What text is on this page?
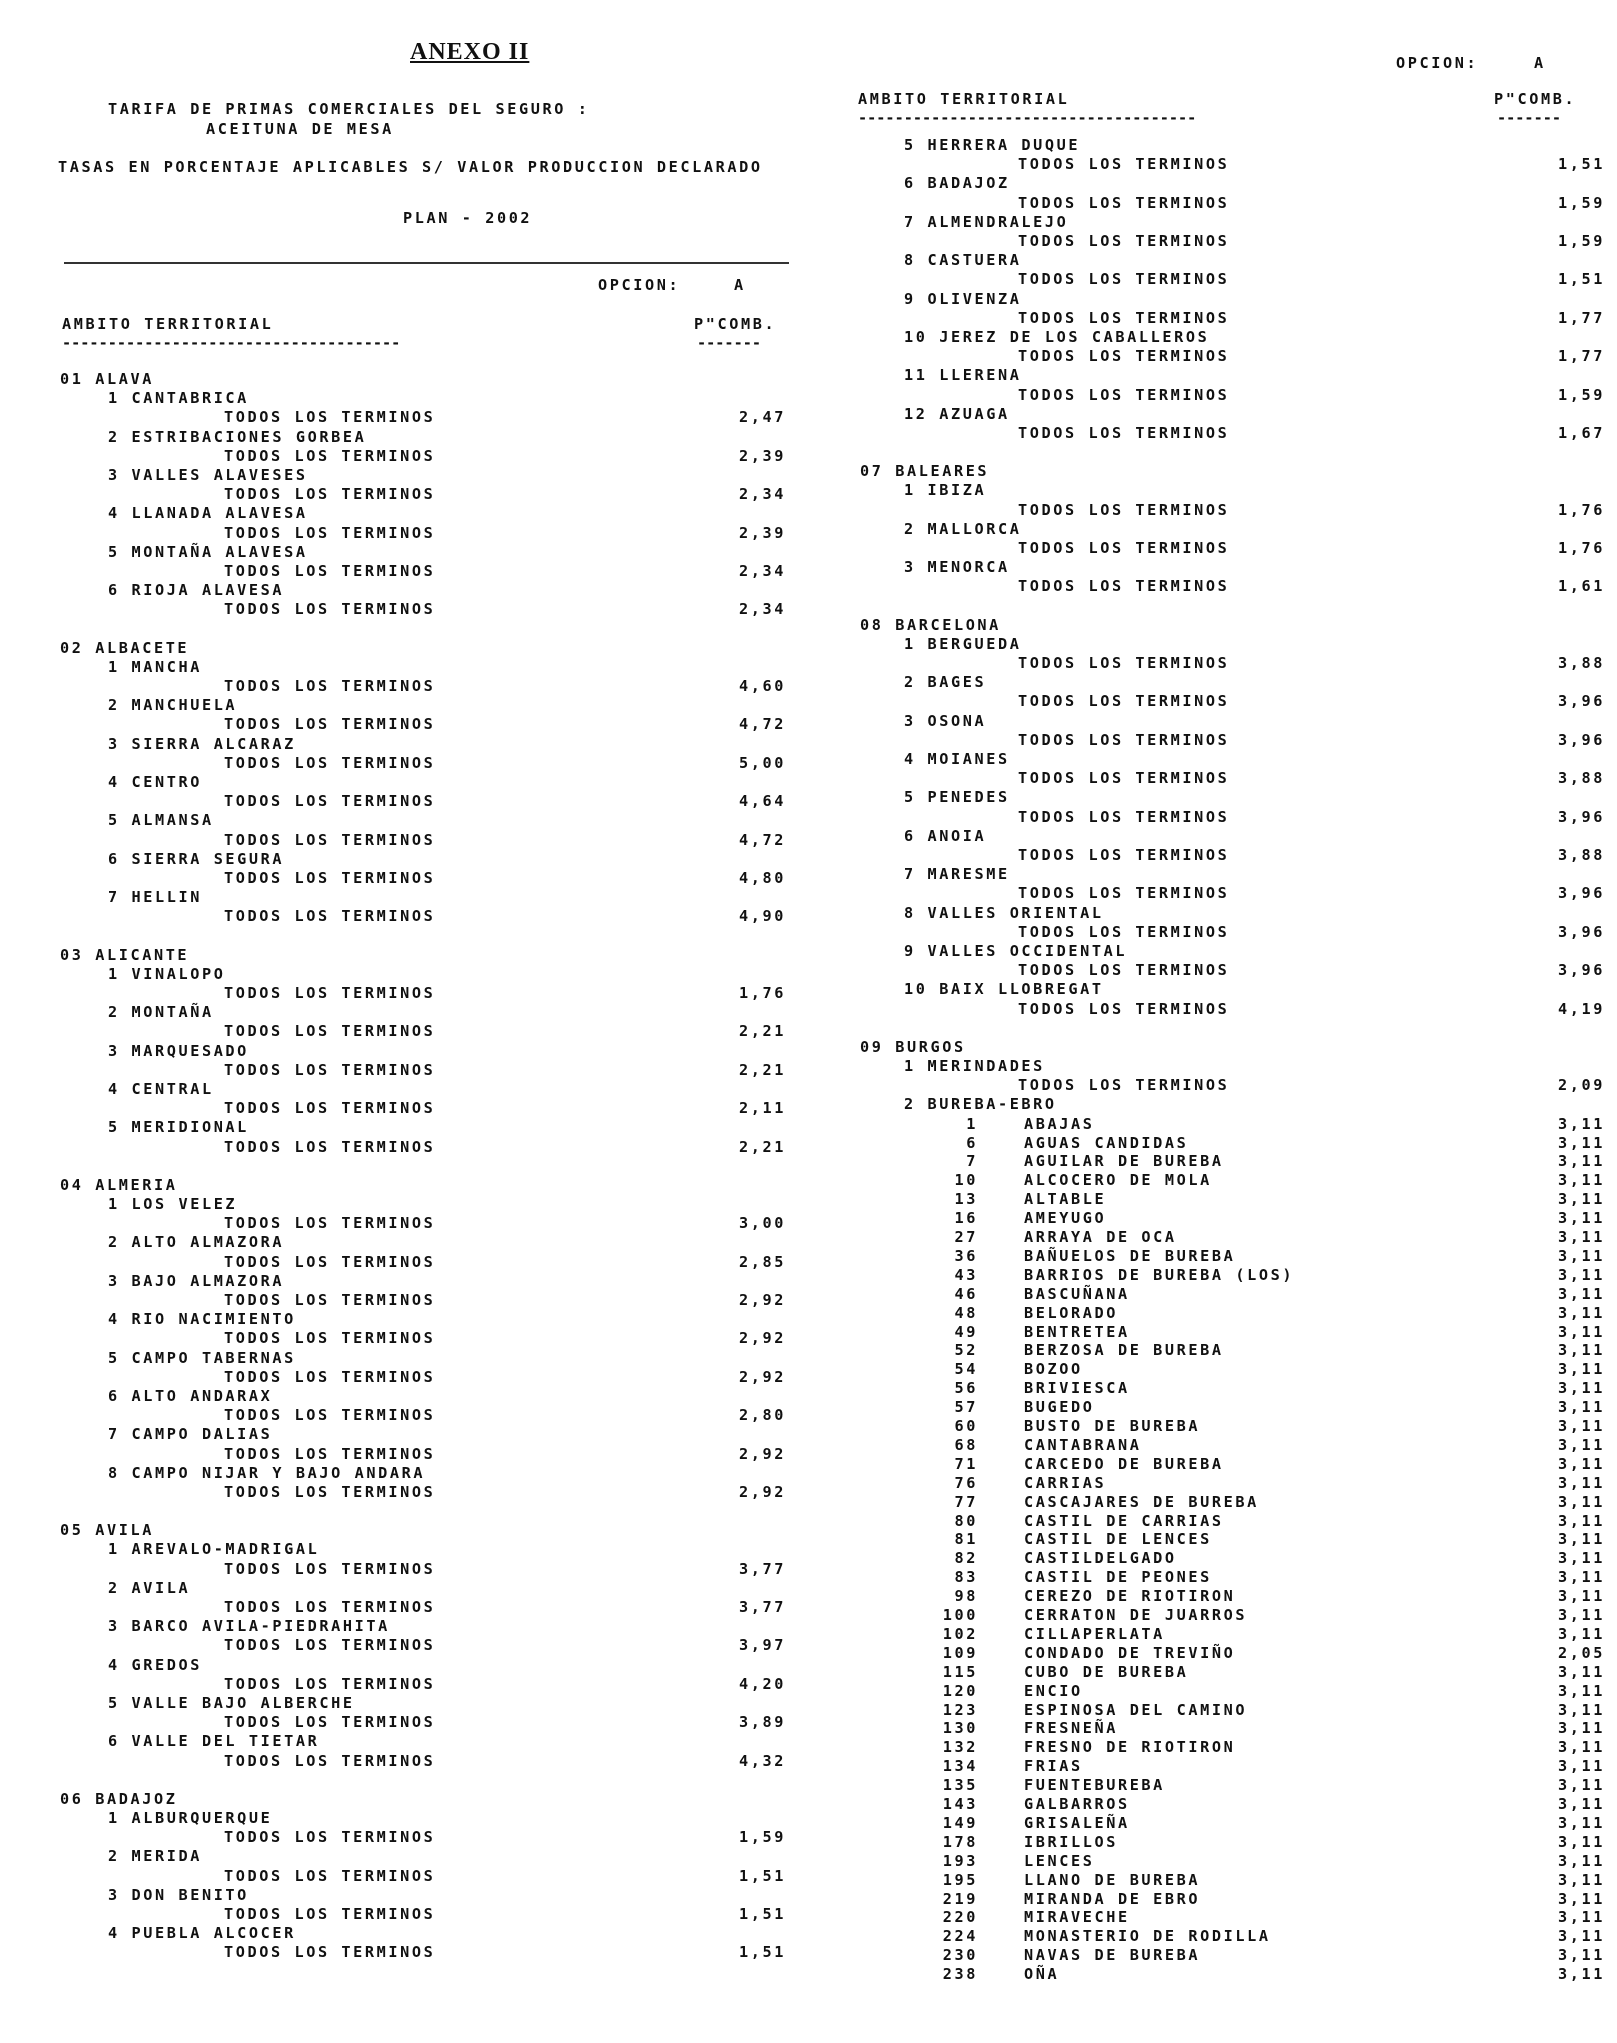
ANEXO II
TARIFA DE PRIMAS COMERCIALES DEL SEGURO :
ACEITUNA DE MESA
TASAS EN PORCENTAJE APLICABLES S/ VALOR PRODUCCION DECLARADO
PLAN - 2002
OPCION:	A
AMBITO TERRITORIAL	P"COMB.
-------------------------------------	-------
OPCION:	A
AMBITO TERRITORIAL	P"COMB.
-------------------------------------	-------
01 ALAVA
1 CANTABRICA
TODOS LOS TERMINOS	2,47
2 ESTRIBACIONES GORBEA
TODOS LOS TERMINOS	2,39
3 VALLES ALAVESES
TODOS LOS TERMINOS	2,34
4 LLANADA ALAVESA
TODOS LOS TERMINOS	2,39
5 MONTAÑA ALAVESA
TODOS LOS TERMINOS	2,34
6 RIOJA ALAVESA
TODOS LOS TERMINOS	2,34
02 ALBACETE
1 MANCHA
TODOS LOS TERMINOS	4,60
2 MANCHUELA
TODOS LOS TERMINOS	4,72
3 SIERRA ALCARAZ
TODOS LOS TERMINOS	5,00
4 CENTRO
TODOS LOS TERMINOS	4,64
5 ALMANSA
TODOS LOS TERMINOS	4,72
6 SIERRA SEGURA
TODOS LOS TERMINOS	4,80
7 HELLIN
TODOS LOS TERMINOS	4,90
03 ALICANTE
1 VINALOPO
TODOS LOS TERMINOS	1,76
2 MONTAÑA
TODOS LOS TERMINOS	2,21
3 MARQUESADO
TODOS LOS TERMINOS	2,21
4 CENTRAL
TODOS LOS TERMINOS	2,11
5 MERIDIONAL
TODOS LOS TERMINOS	2,21
04 ALMERIA
1 LOS VELEZ
TODOS LOS TERMINOS	3,00
2 ALTO ALMAZORA
TODOS LOS TERMINOS	2,85
3 BAJO ALMAZORA
TODOS LOS TERMINOS	2,92
4 RIO NACIMIENTO
TODOS LOS TERMINOS	2,92
5 CAMPO TABERNAS
TODOS LOS TERMINOS	2,92
6 ALTO ANDARAX
TODOS LOS TERMINOS	2,80
7 CAMPO DALIAS
TODOS LOS TERMINOS	2,92
8 CAMPO NIJAR Y BAJO ANDARA
TODOS LOS TERMINOS	2,92
05 AVILA
1 AREVALO-MADRIGAL
TODOS LOS TERMINOS	3,77
2 AVILA
TODOS LOS TERMINOS	3,77
3 BARCO AVILA-PIEDRAHITA
TODOS LOS TERMINOS	3,97
4 GREDOS
TODOS LOS TERMINOS	4,20
5 VALLE BAJO ALBERCHE
TODOS LOS TERMINOS	3,89
6 VALLE DEL TIETAR
TODOS LOS TERMINOS	4,32
06 BADAJOZ
1 ALBURQUERQUE
TODOS LOS TERMINOS	1,59
2 MERIDA
TODOS LOS TERMINOS	1,51
3 DON BENITO
TODOS LOS TERMINOS	1,51
4 PUEBLA ALCOCER
TODOS LOS TERMINOS	1,51
5 HERRERA DUQUE
TODOS LOS TERMINOS	1,51
6 BADAJOZ
TODOS LOS TERMINOS	1,59
7 ALMENDRALEJO
TODOS LOS TERMINOS	1,59
8 CASTUERA
TODOS LOS TERMINOS	1,51
9 OLIVENZA
TODOS LOS TERMINOS	1,77
10 JEREZ DE LOS CABALLEROS
TODOS LOS TERMINOS	1,77
11 LLERENA
TODOS LOS TERMINOS	1,59
12 AZUAGA
TODOS LOS TERMINOS	1,67
07 BALEARES
1 IBIZA
TODOS LOS TERMINOS	1,76
2 MALLORCA
TODOS LOS TERMINOS	1,76
3 MENORCA
TODOS LOS TERMINOS	1,61
08 BARCELONA
1 BERGUEDA
TODOS LOS TERMINOS	3,88
2 BAGES
TODOS LOS TERMINOS	3,96
3 OSONA
TODOS LOS TERMINOS	3,96
4 MOIANES
TODOS LOS TERMINOS	3,88
5 PENEDES
TODOS LOS TERMINOS	3,96
6 ANOIA
TODOS LOS TERMINOS	3,88
7 MARESME
TODOS LOS TERMINOS	3,96
8 VALLES ORIENTAL
TODOS LOS TERMINOS	3,96
9 VALLES OCCIDENTAL
TODOS LOS TERMINOS	3,96
10 BAIX LLOBREGAT
TODOS LOS TERMINOS	4,19
09 BURGOS
1 MERINDADES
TODOS LOS TERMINOS	2,09
2 BUREBA-EBRO
1	ABAJAS	3,11
6	AGUAS CANDIDAS	3,11
7	AGUILAR DE BUREBA	3,11
10	ALCOCERO DE MOLA	3,11
13	ALTABLE	3,11
16	AMEYUGO	3,11
27	ARRAYA DE OCA	3,11
36	BAÑUELOS DE BUREBA	3,11
43	BARRIOS DE BUREBA (LOS)	3,11
46	BASCUÑANA	3,11
48	BELORADO	3,11
49	BENTRETEA	3,11
52	BERZOSA DE BUREBA	3,11
54	BOZOO	3,11
56	BRIVIESCA	3,11
57	BUGEDO	3,11
60	BUSTO DE BUREBA	3,11
68	CANTABRANA	3,11
71	CARCEDO DE BUREBA	3,11
76	CARRIAS	3,11
77	CASCAJARES DE BUREBA	3,11
80	CASTIL DE CARRIAS	3,11
81	CASTIL DE LENCES	3,11
82	CASTILDELGADO	3,11
83	CASTIL DE PEONES	3,11
98	CEREZO DE RIOTIRON	3,11
100	CERRATON DE JUARROS	3,11
102	CILLAPERLATA	3,11
109	CONDADO DE TREVIÑO	2,05
115	CUBO DE BUREBA	3,11
120	ENCIO	3,11
123	ESPINOSA DEL CAMINO	3,11
130	FRESNEÑA	3,11
132	FRESNO DE RIOTIRON	3,11
134	FRIAS	3,11
135	FUENTEBUREBA	3,11
143	GALBARROS	3,11
149	GRISALEÑA	3,11
178	IBRILLOS	3,11
193	LENCES	3,11
195	LLANO DE BUREBA	3,11
219	MIRANDA DE EBRO	3,11
220	MIRAVECHE	3,11
224	MONASTERIO DE RODILLA	3,11
230	NAVAS DE BUREBA	3,11
238	OÑA	3,11
